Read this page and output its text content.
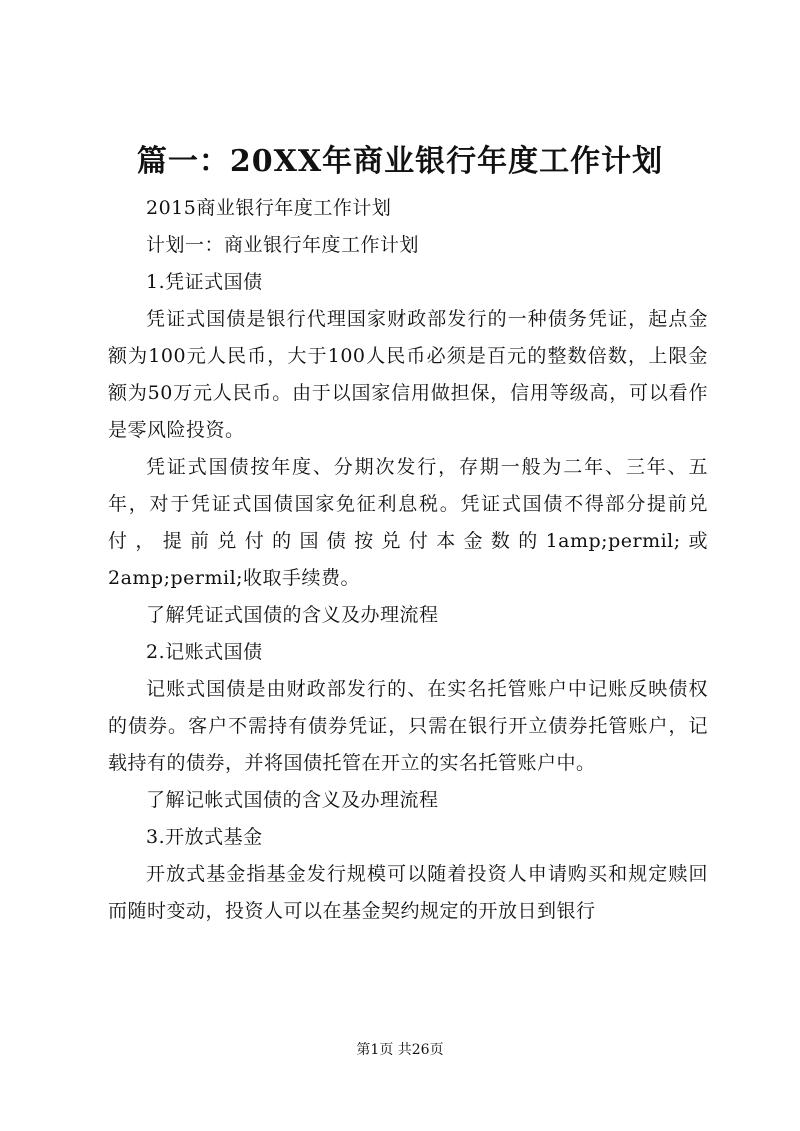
篇一：20XX年商业银行年度工作计划

2015商业银行年度工作计划

计划一：商业银行年度工作计划

1.凭证式国债

凭证式国债是银行代理国家财政部发行的一种债务凭证，起点金额为100元人民币，大于100人民币必须是百元的整数倍数，上限金额为50万元人民币。由于以国家信用做担保，信用等级高，可以看作是零风险投资。

凭证式国债按年度、分期次发行，存期一般为二年、三年、五年，对于凭证式国债国家免征利息税。凭证式国债不得部分提前兑付，提前兑付的国债按兑付本金数的1amp;permil;或2amp;permil;收取手续费。

了解凭证式国债的含义及办理流程

2.记账式国债

记账式国债是由财政部发行的、在实名托管账户中记账反映债权的债券。客户不需持有债券凭证，只需在银行开立债券托管账户，记载持有的债券，并将国债托管在开立的实名托管账户中。

了解记帐式国债的含义及办理流程

3.开放式基金

开放式基金指基金发行规模可以随着投资人申请购买和规定赎回而随时变动，投资人可以在基金契约规定的开放日到银行

第1页 共26页
